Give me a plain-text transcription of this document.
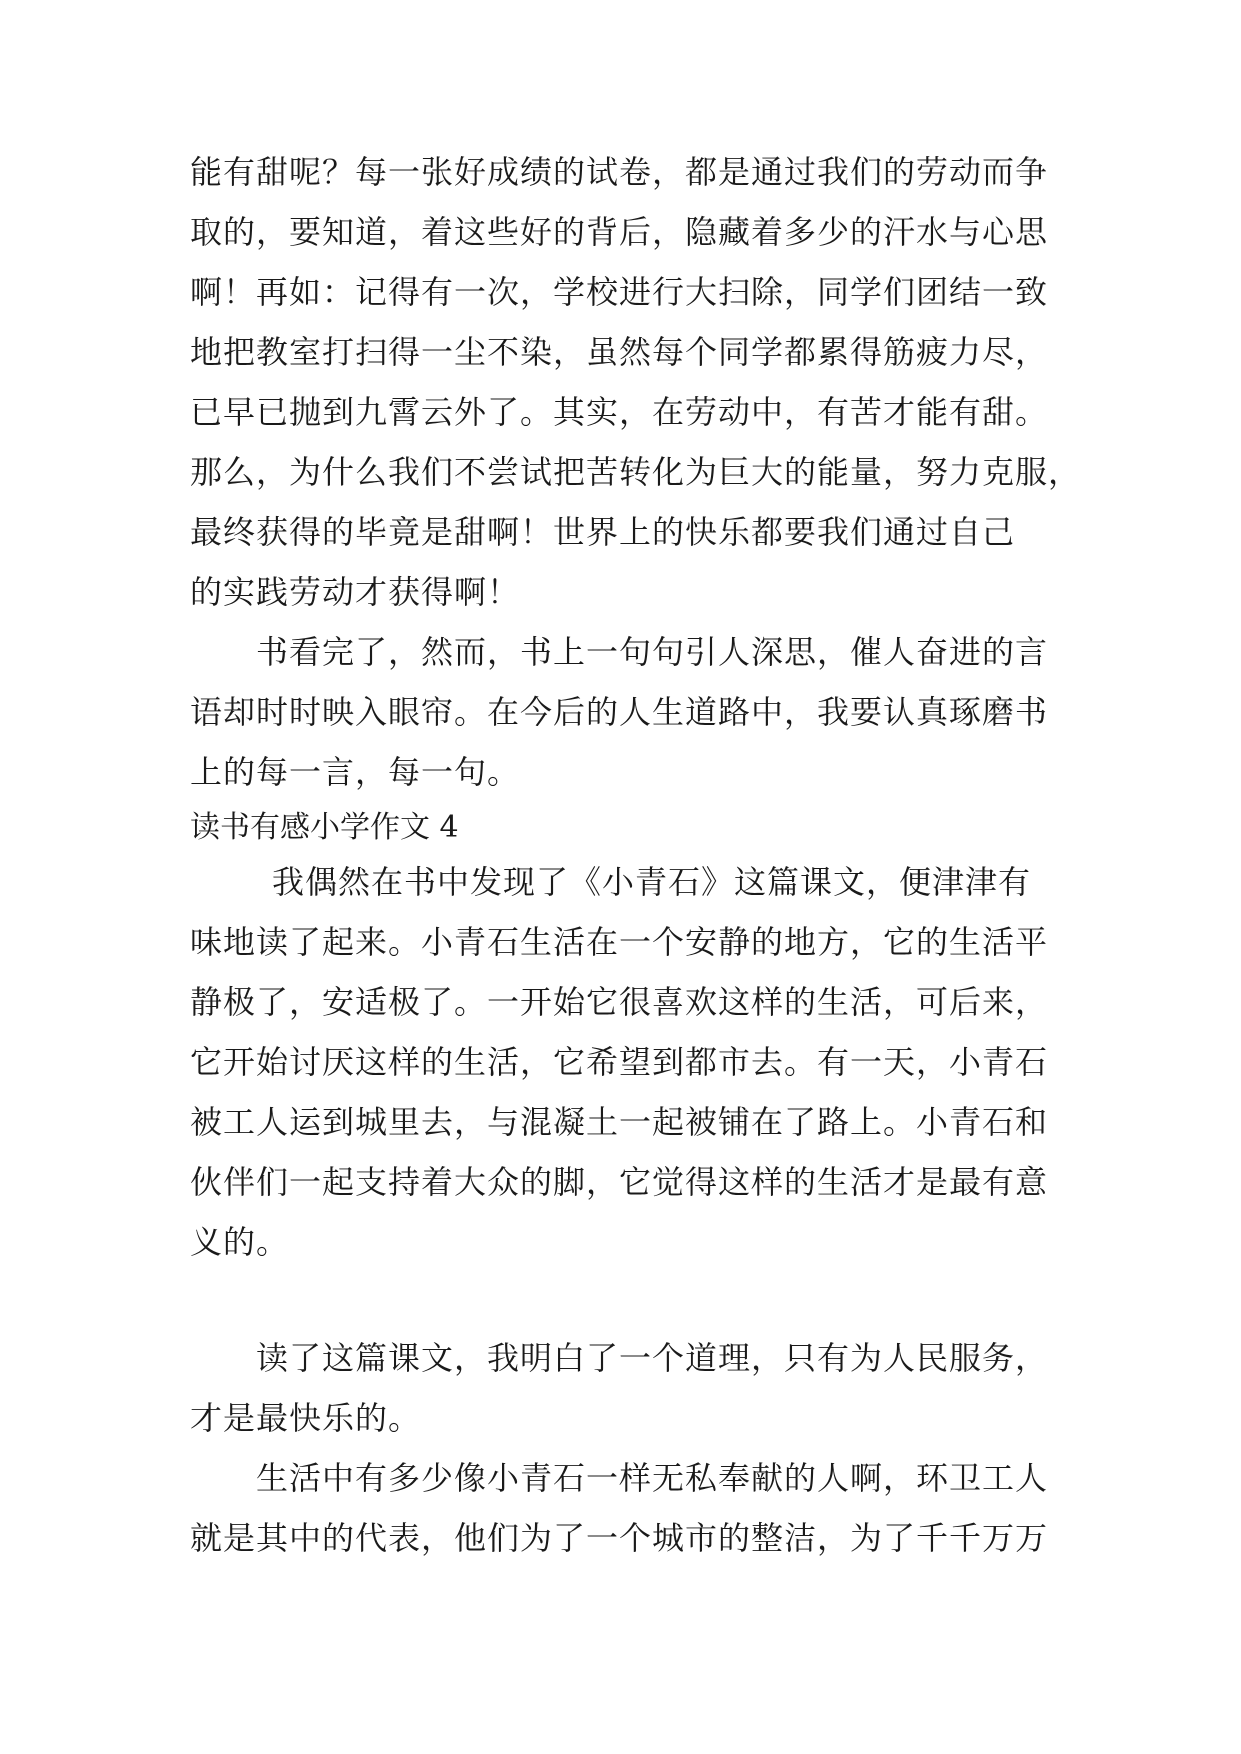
能有甜呢？每一张好成绩的试卷，都是通过我们的劳动而争
取的，要知道，着这些好的背后，隐藏着多少的汗水与心思
啊！再如：记得有一次，学校进行大扫除，同学们团结一致
地把教室打扫得一尘不染，虽然每个同学都累得筋疲力尽，
已早已抛到九霄云外了。其实，在劳动中，有苦才能有甜。
那么，为什么我们不尝试把苦转化为巨大的能量，努力克服，
最终获得的毕竟是甜啊！世界上的快乐都要我们通过自己
的实践劳动才获得啊！
书看完了，然而，书上一句句引人深思，催人奋进的言
语却时时映入眼帘。在今后的人生道路中，我要认真琢磨书
上的每一言，每一句。
读书有感小学作文 4
我偶然在书中发现了《小青石》这篇课文，便津津有
味地读了起来。小青石生活在一个安静的地方，它的生活平
静极了，安适极了。一开始它很喜欢这样的生活，可后来，
它开始讨厌这样的生活，它希望到都市去。有一天，小青石
被工人运到城里去，与混凝土一起被铺在了路上。小青石和
伙伴们一起支持着大众的脚，它觉得这样的生活才是最有意
义的。
读了这篇课文，我明白了一个道理，只有为人民服务，
才是最快乐的。
生活中有多少像小青石一样无私奉献的人啊，环卫工人
就是其中的代表，他们为了一个城市的整洁，为了千千万万
